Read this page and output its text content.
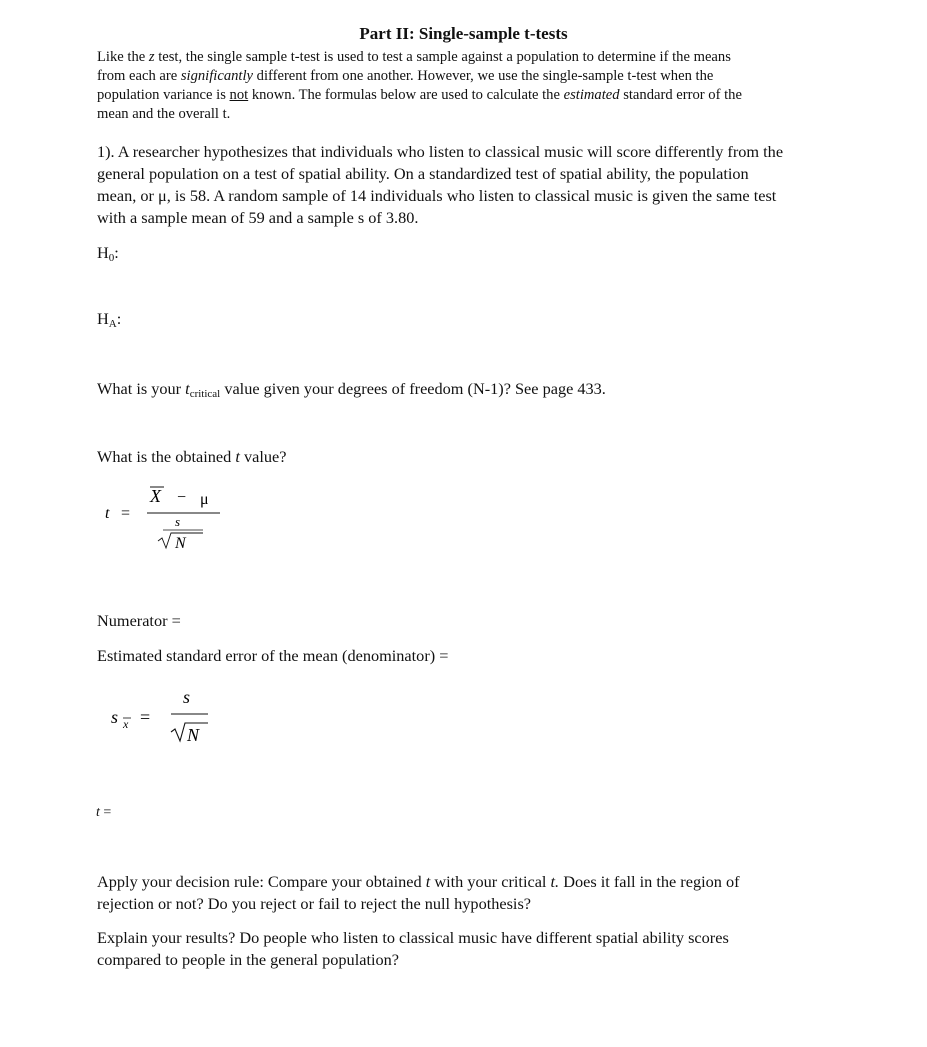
Part II: Single-sample t-tests
Like the z test, the single sample t-test is used to test a sample against a population to determine if the means
from each are significantly different from one another. However, we use the single-sample t-test when the
population variance is not known. The formulas below are used to calculate the estimated standard error of the
mean and the overall t.
1). A researcher hypothesizes that individuals who listen to classical music will score differently from the
general population on a test of spatial ability. On a standardized test of spatial ability, the population
mean, or μ, is 58. A random sample of 14 individuals who listen to classical music is given the same test
with a sample mean of 59 and a sample s of 3.80.
$H_0$:
$H_A$:
What is your $t_{critical}$ value given your degrees of freedom (N-1)? See page 433.
What is the obtained t value?
t =
X − μ
s
N
Numerator =
Estimated standard error of the mean (denominator) =
s x =
s
N
t =
Apply your decision rule: Compare your obtained t with your critical t. Does it fall in the region of
rejection or not? Do you reject or fail to reject the null hypothesis?
Explain your results? Do people who listen to classical music have different spatial ability scores
compared to people in the general population?
